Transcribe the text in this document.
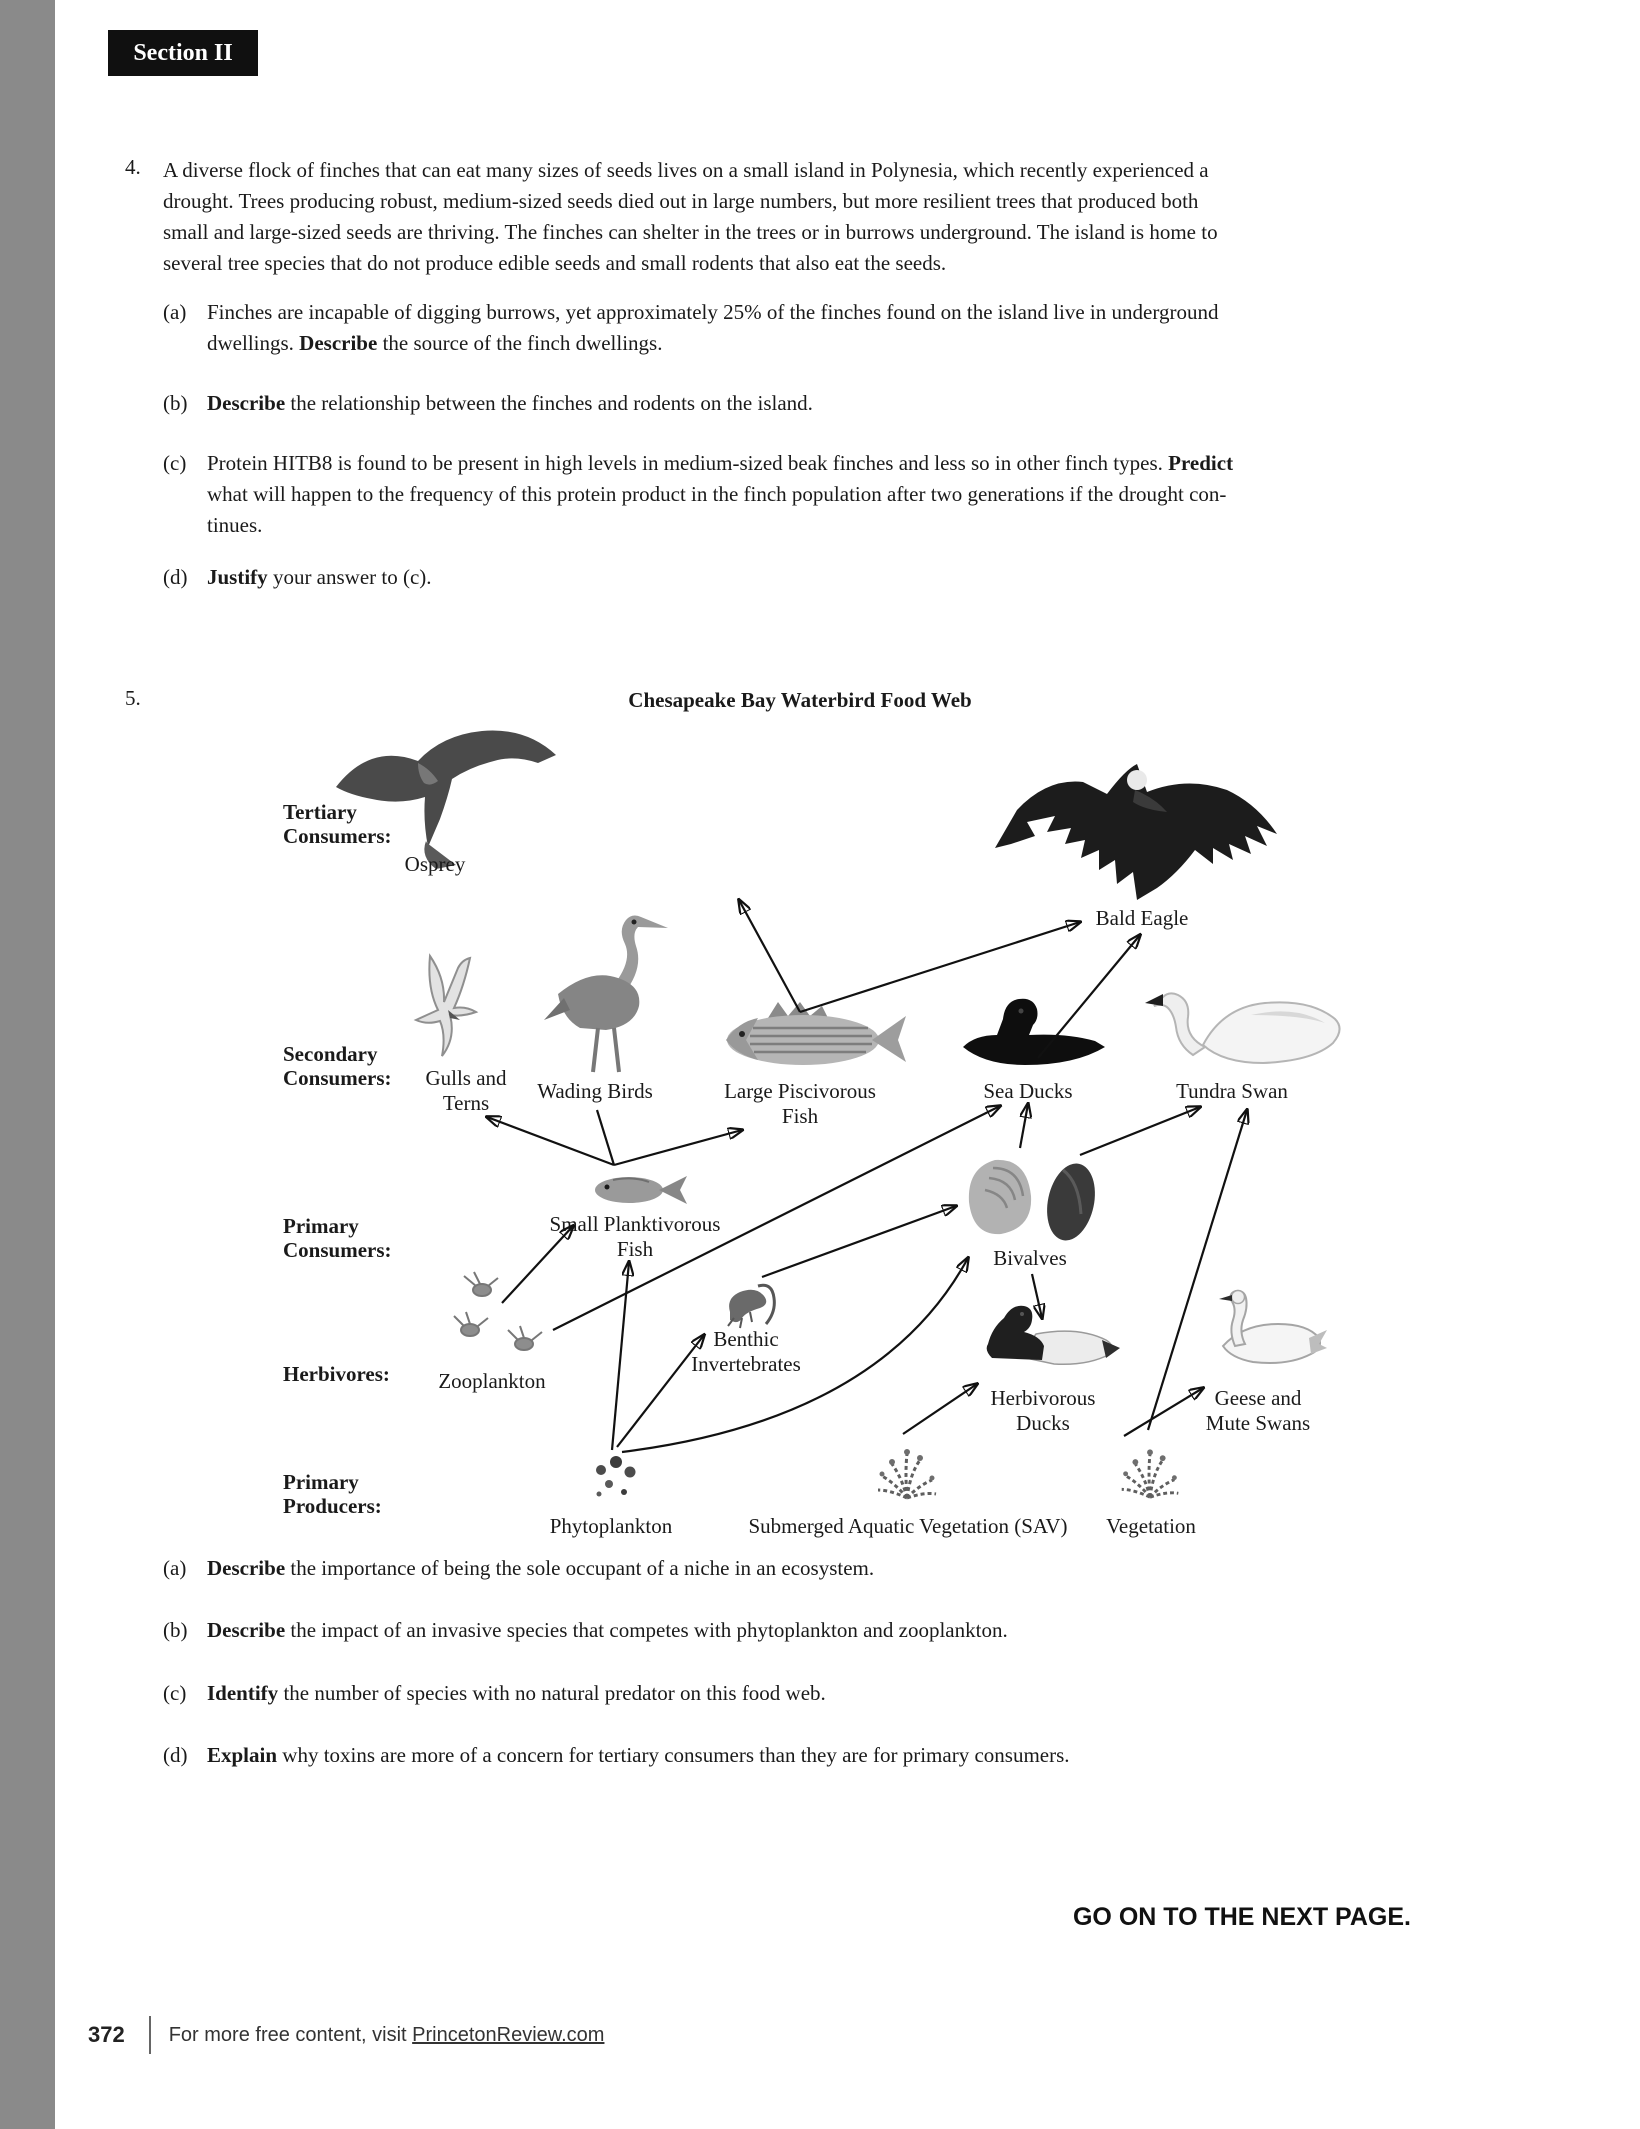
Section II
4. A diverse flock of finches that can eat many sizes of seeds lives on a small island in Polynesia, which recently experienced a
drought. Trees producing robust, medium-sized seeds died out in large numbers, but more resilient trees that produced both
small and large-sized seeds are thriving. The finches can shelter in the trees or in burrows underground. The island is home to
several tree species that do not produce edible seeds and small rodents that also eat the seeds.
(a) Finches are incapable of digging burrows, yet approximately 25% of the finches found on the island live in underground
dwellings. Describe the source of the finch dwellings.
(b) Describe the relationship between the finches and rodents on the island.
(c) Protein HITB8 is found to be present in high levels in medium-sized beak finches and less so in other finch types. Predict
what will happen to the frequency of this protein product in the finch population after two generations if the drought con-
tinues.
(d) Justify your answer to (c).
5.	Chesapeake Bay Waterbird Food Web
Tertiary
Consumers:
Secondary
Consumers:
Primary
Consumers:
Herbivores:
Primary
Producers:
Osprey
Bald Eagle
Gulls and
Terns	Wading Birds	Large Piscivorous
Fish
Sea Ducks	Tundra Swan
Small Planktivorous
Fish	Bivalves
Zooplankton
Benthic
Invertebrates
Herbivorous
Ducks
Geese and
Mute Swans
Phytoplankton	Submerged Aquatic Vegetation (SAV)	Vegetation
(a) Describe the importance of being the sole occupant of a niche in an ecosystem.
(b) Describe the impact of an invasive species that competes with phytoplankton and zooplankton.
(c) Identify the number of species with no natural predator on this food web.
(d) Explain why toxins are more of a concern for tertiary consumers than they are for primary consumers.
GO ON TO THE NEXT PAGE.
372 For more free content, visit PrincetonReview.com
